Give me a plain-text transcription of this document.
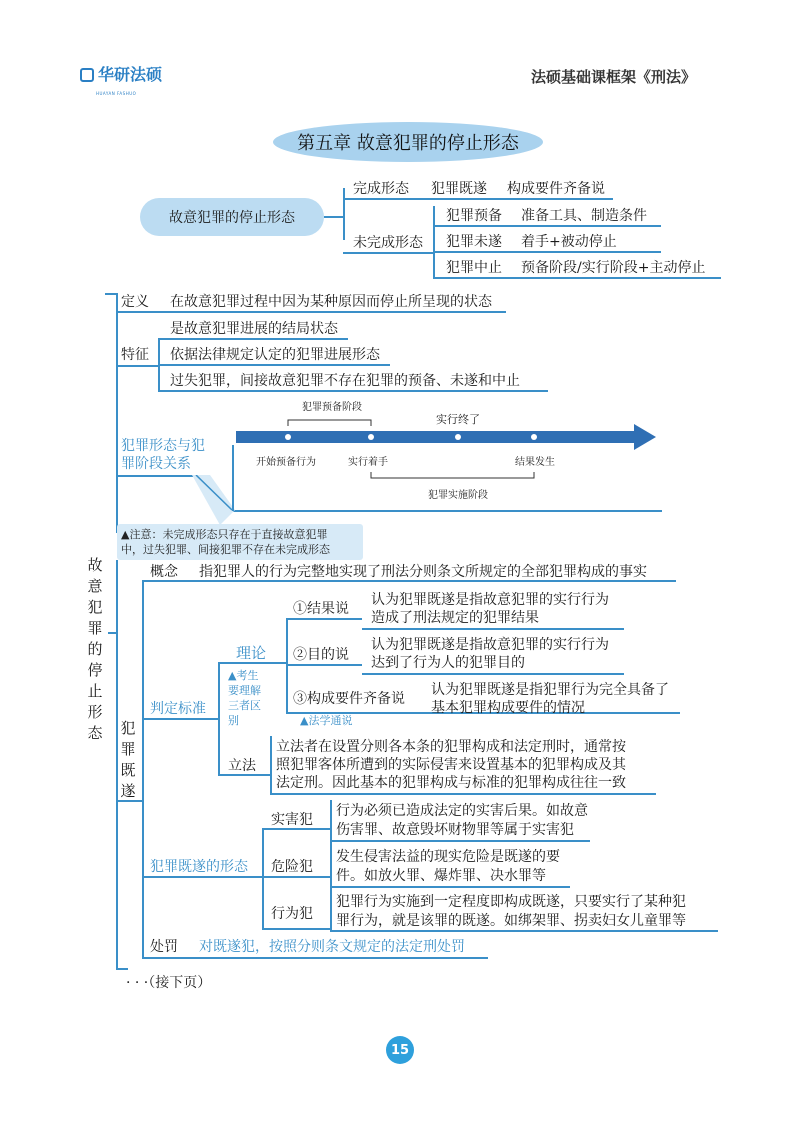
华研法硕
HUAYAN FASHUO
法硕基础课框架《刑法》
第五章 故意犯罪的停止形态
故意犯罪的停止形态
完成形态 犯罪既遂 构成要件齐备说
未完成形态
犯罪预备 准备工具、制造条件
犯罪未遂 着手+被动停止
犯罪中止 预备阶段/实行阶段+主动停止
定义 在故意犯罪过程中因为某种原因而停止所呈现的状态
特征
是故意犯罪进展的结局状态
依据法律规定认定的犯罪进展形态
过失犯罪，间接故意犯罪不存在犯罪的预备、未遂和中止
犯罪形态与犯
罪阶段关系
犯罪预备阶段
实行终了
开始预备行为	实行着手	结果发生
犯罪实施阶段
▲注意：未完成形态只存在于直接故意犯罪
中，过失犯罪、间接犯罪不存在未完成形态
故意犯罪的停止形态 犯罪既遂
概念 指犯罪人的行为完整地实现了刑法分则条文所规定的全部犯罪构成的事实
判定标准
理论
▲考生
要理解
三者区
别
①结果说
认为犯罪既遂是指故意犯罪的实行行为
造成了刑法规定的犯罪结果
②目的说
认为犯罪既遂是指故意犯罪的实行行为
达到了行为人的犯罪目的
③构成要件齐备说
认为犯罪既遂是指犯罪行为完全具备了
基本犯罪构成要件的情况
▲法学通说
立法
立法者在设置分则各本条的犯罪构成和法定刑时，通常按
照犯罪客体所遭到的实际侵害来设置基本的犯罪构成及其
法定刑。因此基本的犯罪构成与标准的犯罪构成往往一致
犯罪既遂的形态
实害犯
行为必须已造成法定的实害后果。如故意
伤害罪、故意毁坏财物罪等属于实害犯
危险犯
发生侵害法益的现实危险是既遂的要
件。如放火罪、爆炸罪、决水罪等
行为犯
犯罪行为实施到一定程度即构成既遂，只要实行了某种犯
罪行为，就是该罪的既遂。如绑架罪、拐卖妇女儿童罪等
处罚 对既遂犯，按照分则条文规定的法定刑处罚
· · ·（接下页）
15
